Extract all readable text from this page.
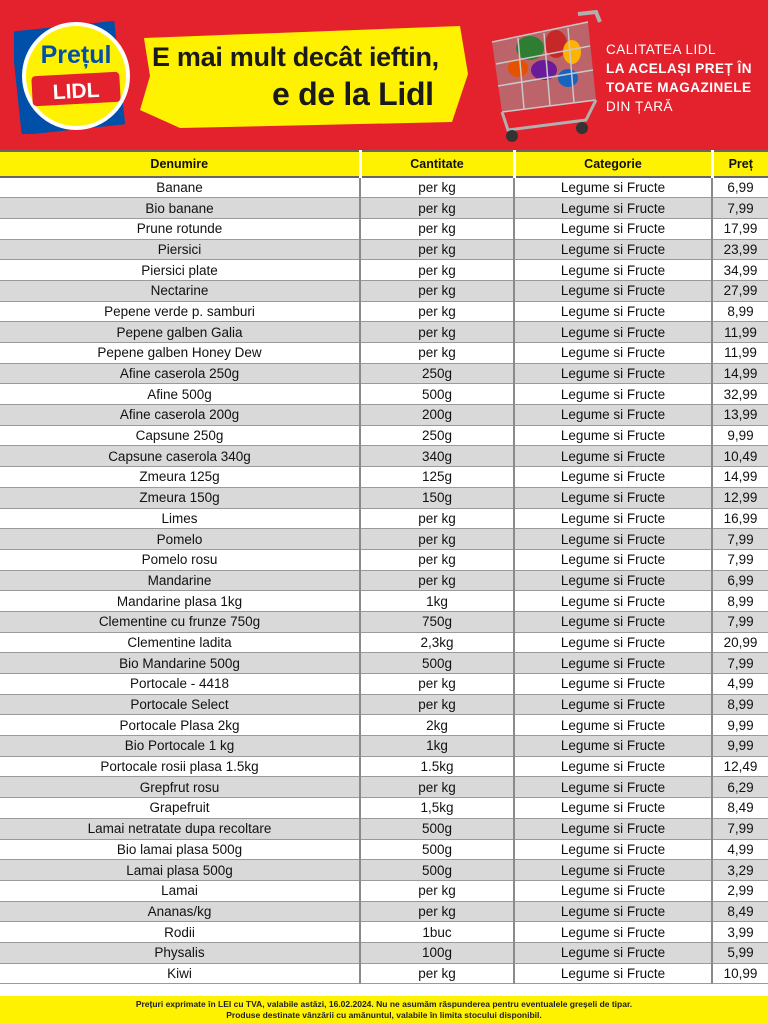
Prețul
LIDL
E mai mult decât ieftin,
e de la Lidl
CALITATEA LIDL
LA ACELAȘI PREȚ ÎN
TOATE MAGAZINELE
DIN ȚARĂ
Denumire	Cantitate	Categorie	Preț
Banane	per kg	Legume si Fructe	6,99
Bio banane	per kg	Legume si Fructe	7,99
Prune rotunde	per kg	Legume si Fructe	17,99
Piersici	per kg	Legume si Fructe	23,99
Piersici plate	per kg	Legume si Fructe	34,99
Nectarine	per kg	Legume si Fructe	27,99
Pepene verde p. samburi	per kg	Legume si Fructe	8,99
Pepene galben Galia	per kg	Legume si Fructe	11,99
Pepene galben Honey Dew	per kg	Legume si Fructe	11,99
Afine caserola 250g	250g	Legume si Fructe	14,99
Afine 500g	500g	Legume si Fructe	32,99
Afine caserola 200g	200g	Legume si Fructe	13,99
Capsune 250g	250g	Legume si Fructe	9,99
Capsune caserola 340g	340g	Legume si Fructe	10,49
Zmeura 125g	125g	Legume si Fructe	14,99
Zmeura 150g	150g	Legume si Fructe	12,99
Limes	per kg	Legume si Fructe	16,99
Pomelo	per kg	Legume si Fructe	7,99
Pomelo rosu	per kg	Legume si Fructe	7,99
Mandarine	per kg	Legume si Fructe	6,99
Mandarine plasa 1kg	1kg	Legume si Fructe	8,99
Clementine cu frunze 750g	750g	Legume si Fructe	7,99
Clementine ladita	2,3kg	Legume si Fructe	20,99
Bio Mandarine 500g	500g	Legume si Fructe	7,99
Portocale - 4418	per kg	Legume si Fructe	4,99
Portocale Select	per kg	Legume si Fructe	8,99
Portocale Plasa 2kg	2kg	Legume si Fructe	9,99
Bio Portocale 1 kg	1kg	Legume si Fructe	9,99
Portocale rosii plasa 1.5kg	1.5kg	Legume si Fructe	12,49
Grepfrut rosu	per kg	Legume si Fructe	6,29
Grapefruit	1,5kg	Legume si Fructe	8,49
Lamai netratate dupa recoltare	500g	Legume si Fructe	7,99
Bio lamai plasa 500g	500g	Legume si Fructe	4,99
Lamai plasa 500g	500g	Legume si Fructe	3,29
Lamai	per kg	Legume si Fructe	2,99
Ananas/kg	per kg	Legume si Fructe	8,49
Rodii	1buc	Legume si Fructe	3,99
Physalis	100g	Legume si Fructe	5,99
Kiwi	per kg	Legume si Fructe	10,99
Prețuri exprimate în LEI cu TVA, valabile astăzi, 16.02.2024. Nu ne asumăm răspunderea pentru eventualele greșeli de tipar.
Produse destinate vânzării cu amănuntul, valabile în limita stocului disponibil.
